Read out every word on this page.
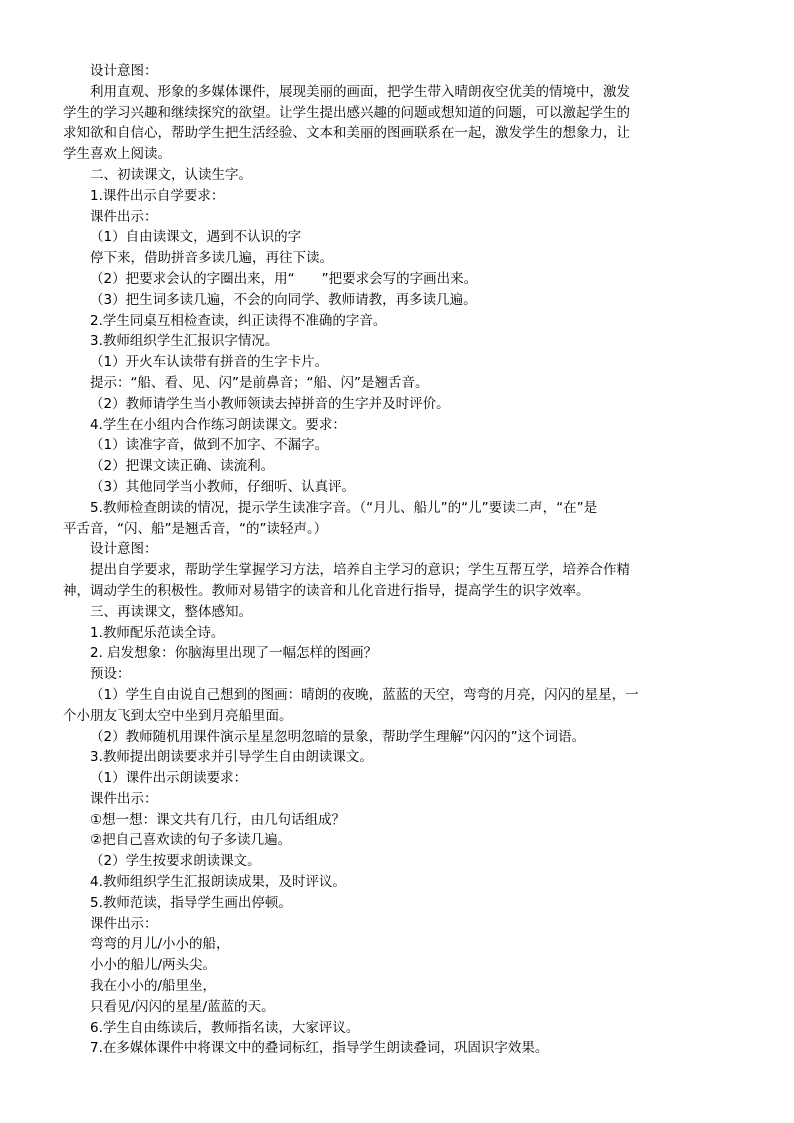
设计意图：
利用直观、形象的多媒体课件，展现美丽的画面，把学生带入晴朗夜空优美的情境中，激发
学生的学习兴趣和继续探究的欲望。让学生提出感兴趣的问题或想知道的问题，可以激起学生的
求知欲和自信心，帮助学生把生活经验、文本和美丽的图画联系在一起，激发学生的想象力，让
学生喜欢上阅读。
二、初读课文，认读生字。
1.课件出示自学要求：
课件出示：
（1）自由读课文，遇到不认识的字
停下来，借助拼音多读几遍，再往下读。
（2）把要求会认的字圈出来，用“　　”把要求会写的字画出来。
（3）把生词多读几遍，不会的向同学、教师请教，再多读几遍。
2.学生同桌互相检查读，纠正读得不准确的字音。
3.教师组织学生汇报识字情况。
（1）开火车认读带有拼音的生字卡片。
提示：“船、看、见、闪”是前鼻音；“船、闪”是翘舌音。
（2）教师请学生当小教师领读去掉拼音的生字并及时评价。
4.学生在小组内合作练习朗读课文。要求：
（1）读准字音，做到不加字、不漏字。
（2）把课文读正确、读流利。
（3）其他同学当小教师，仔细听、认真评。
5.教师检查朗读的情况，提示学生读准字音。（“月儿、船儿”的“儿”要读二声，“在”是
平舌音，“闪、船”是翘舌音，“的”读轻声。）
设计意图：
提出自学要求，帮助学生掌握学习方法，培养自主学习的意识；学生互帮互学，培养合作精
神，调动学生的积极性。教师对易错字的读音和儿化音进行指导，提高学生的识字效率。
三、再读课文，整体感知。
1.教师配乐范读全诗。
2. 启发想象：你脑海里出现了一幅怎样的图画？
预设：
（1）学生自由说自己想到的图画：晴朗的夜晚，蓝蓝的天空，弯弯的月亮，闪闪的星星，一
个小朋友飞到太空中坐到月亮船里面。
（2）教师随机用课件演示星星忽明忽暗的景象，帮助学生理解“闪闪的”这个词语。
3.教师提出朗读要求并引导学生自由朗读课文。
（1）课件出示朗读要求：
课件出示：
①想一想：课文共有几行，由几句话组成？
②把自己喜欢读的句子多读几遍。
（2）学生按要求朗读课文。
4.教师组织学生汇报朗读成果，及时评议。
5.教师范读，指导学生画出停顿。
课件出示：
弯弯的月儿/小小的船，
小小的船儿/两头尖。
我在小小的/船里坐，
只看见/闪闪的星星/蓝蓝的天。
6.学生自由练读后，教师指名读，大家评议。
7.在多媒体课件中将课文中的叠词标红，指导学生朗读叠词，巩固识字效果。
